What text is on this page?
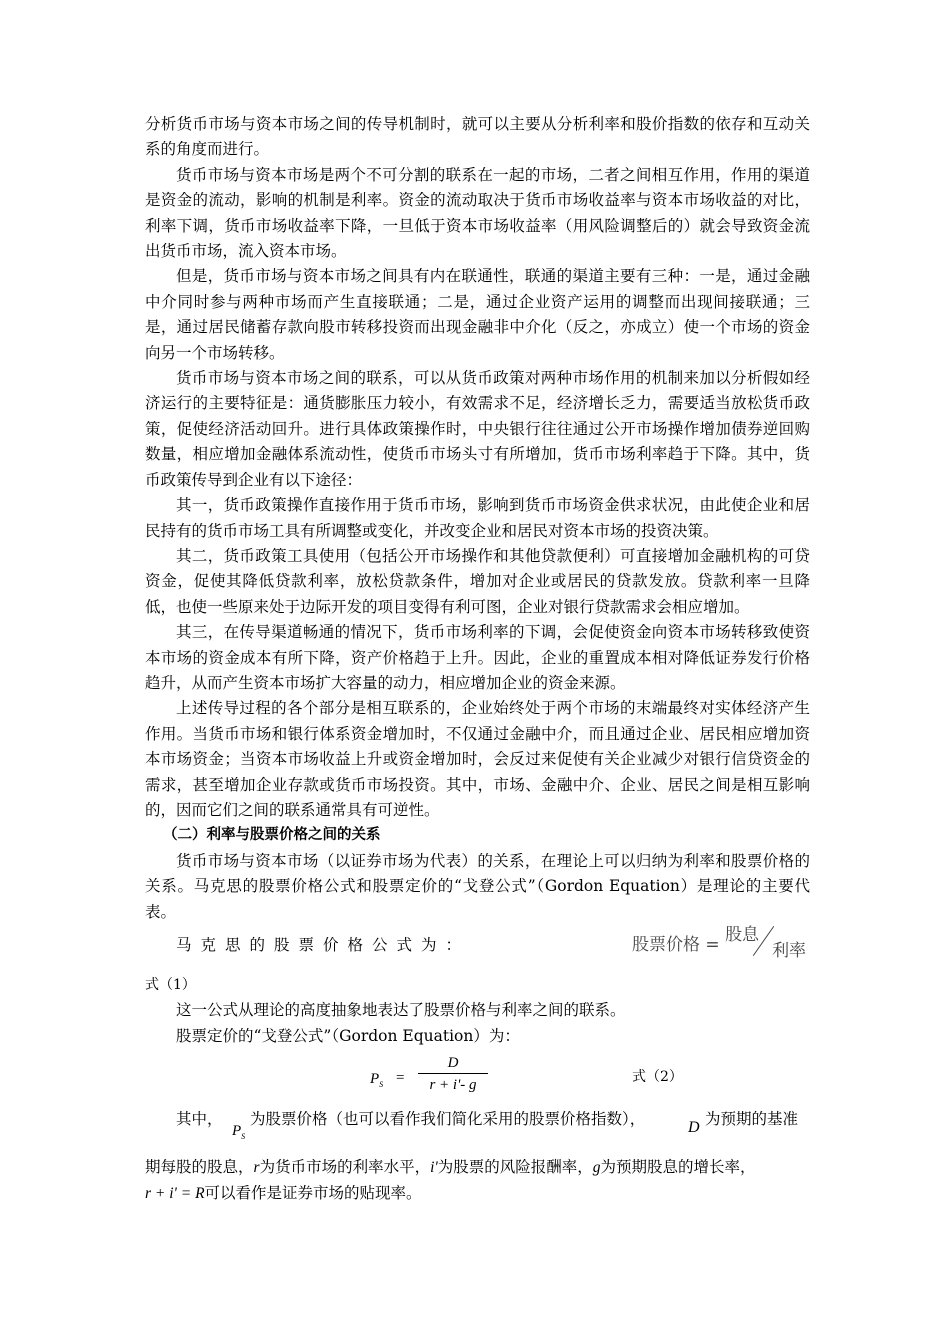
分析货币市场与资本市场之间的传导机制时，就可以主要从分析利率和股价指数的依存和互动关系的角度而进行。

货币市场与资本市场是两个不可分割的联系在一起的市场，二者之间相互作用，作用的渠道是资金的流动，影响的机制是利率。资金的流动取决于货币市场收益率与资本市场收益的对比，利率下调，货币市场收益率下降，一旦低于资本市场收益率（用风险调整后的）就会导致资金流出货币市场，流入资本市场。

但是，货币市场与资本市场之间具有内在联通性，联通的渠道主要有三种：一是，通过金融中介同时参与两种市场而产生直接联通；二是，通过企业资产运用的调整而出现间接联通；三是，通过居民储蓄存款向股市转移投资而出现金融非中介化（反之，亦成立）使一个市场的资金向另一个市场转移。

货币市场与资本市场之间的联系，可以从货币政策对两种市场作用的机制来加以分析假如经济运行的主要特征是：通货膨胀压力较小，有效需求不足，经济增长乏力，需要适当放松货币政策，促使经济活动回升。进行具体政策操作时，中央银行往往通过公开市场操作增加债券逆回购数量，相应增加金融体系流动性，使货币市场头寸有所增加，货币市场利率趋于下降。其中，货币政策传导到企业有以下途径：

其一，货币政策操作直接作用于货币市场，影响到货币市场资金供求状况，由此使企业和居民持有的货币市场工具有所调整或变化，并改变企业和居民对资本市场的投资决策。

其二，货币政策工具使用（包括公开市场操作和其他贷款便利）可直接增加金融机构的可贷资金，促使其降低贷款利率，放松贷款条件，增加对企业或居民的贷款发放。贷款利率一旦降低，也使一些原来处于边际开发的项目变得有利可图，企业对银行贷款需求会相应增加。

其三，在传导渠道畅通的情况下，货币市场利率的下调，会促使资金向资本市场转移致使资本市场的资金成本有所下降，资产价格趋于上升。因此，企业的重置成本相对降低证券发行价格趋升，从而产生资本市场扩大容量的动力，相应增加企业的资金来源。

上述传导过程的各个部分是相互联系的，企业始终处于两个市场的末端最终对实体经济产生作用。当货币市场和银行体系资金增加时，不仅通过金融中介，而且通过企业、居民相应增加资本市场资金；当资本市场收益上升或资金增加时，会反过来促使有关企业减少对银行信贷资金的需求，甚至增加企业存款或货币市场投资。其中，市场、金融中介、企业、居民之间是相互影响的，因而它们之间的联系通常具有可逆性。

（二）利率与股票价格之间的关系

货币市场与资本市场（以证券市场为代表）的关系，在理论上可以归纳为利率和股票价格的关系。马克思的股票价格公式和股票定价的“戈登公式”（Gordon Equation）是理论的主要代表。

马克思的股票价格公式为：	股票价格 = 股息利率

式（1）

这一公式从理论的高度抽象地表达了股票价格与利率之间的联系。

股票定价的“戈登公式”（Gordon Equation）为：

$P_S = \frac{D}{r + i'- g}$	式（2）
其中，
$P_S$
为股票价格（也可以看作我们简化采用的股票价格指数），	D 为预期的基准

期每股的股息，r为货币市场的利率水平，i'为股票的风险报酬率，g为预期股息的增长率，

r + i' = R可以看作是证券市场的贴现率。
